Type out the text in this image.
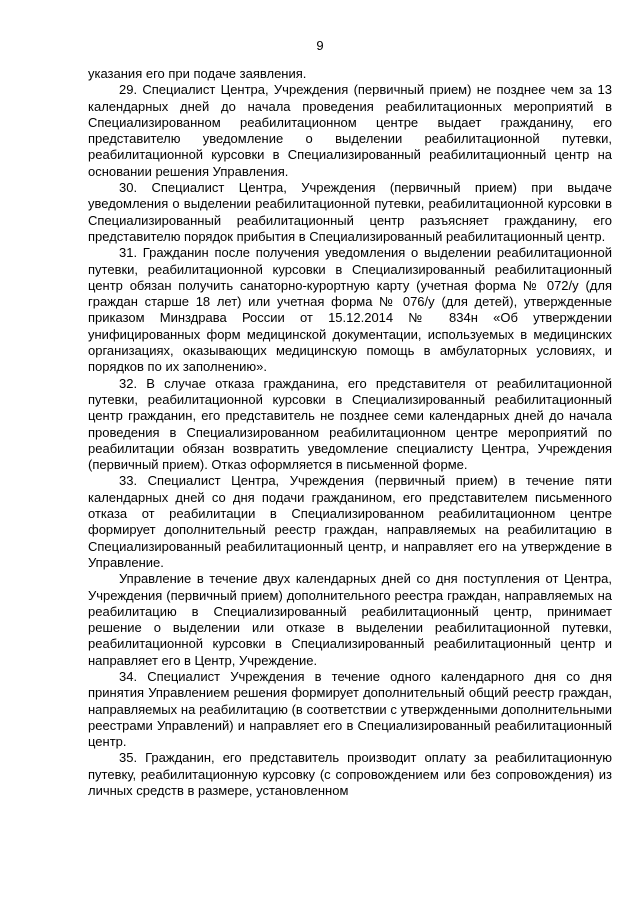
9

указания его при подаче заявления.

29. Специалист Центра, Учреждения (первичный прием) не позднее чем за 13 календарных дней до начала проведения реабилитационных мероприятий в Специализированном реабилитационном центре выдает гражданину, его представителю уведомление о выделении реабилитационной путевки, реабилитационной курсовки в Специализированный реабилитационный центр на основании решения Управления.

30. Специалист Центра, Учреждения (первичный прием) при выдаче уведомления о выделении реабилитационной путевки, реабилитационной курсовки в Специализированный реабилитационный центр разъясняет гражданину, его представителю порядок прибытия в Специализированный реабилитационный центр.

31. Гражданин после получения уведомления о выделении реабилитационной путевки, реабилитационной курсовки в Специализированный реабилитационный центр обязан получить санаторно-курортную карту (учетная форма № 072/у (для граждан старше 18 лет) или учетная форма № 076/у (для детей), утвержденные приказом Минздрава России от 15.12.2014 № 834н «Об утверждении унифицированных форм медицинской документации, используемых в медицинских организациях, оказывающих медицинскую помощь в амбулаторных условиях, и порядков по их заполнению».

32. В случае отказа гражданина, его представителя от реабилитационной путевки, реабилитационной курсовки в Специализированный реабилитационный центр гражданин, его представитель не позднее семи календарных дней до начала проведения в Специализированном реабилитационном центре мероприятий по реабилитации обязан возвратить уведомление специалисту Центра, Учреждения (первичный прием). Отказ оформляется в письменной форме.

33. Специалист Центра, Учреждения (первичный прием) в течение пяти календарных дней со дня подачи гражданином, его представителем письменного отказа от реабилитации в Специализированном реабилитационном центре формирует дополнительный реестр граждан, направляемых на реабилитацию в Специализированный реабилитационный центр, и направляет его на утверждение в Управление.

Управление в течение двух календарных дней со дня поступления от Центра, Учреждения (первичный прием) дополнительного реестра граждан, направляемых на реабилитацию в Специализированный реабилитационный центр, принимает решение о выделении или отказе в выделении реабилитационной путевки, реабилитационной курсовки в Специализированный реабилитационный центр и направляет его в Центр, Учреждение.

34. Специалист Учреждения в течение одного календарного дня со дня принятия Управлением решения формирует дополнительный общий реестр граждан, направляемых на реабилитацию (в соответствии с утвержденными дополнительными реестрами Управлений) и направляет его в Специализированный реабилитационный центр.

35. Гражданин, его представитель производит оплату за реабилитационную путевку, реабилитационную курсовку (с сопровождением или без сопровождения) из личных средств в размере, установленном
